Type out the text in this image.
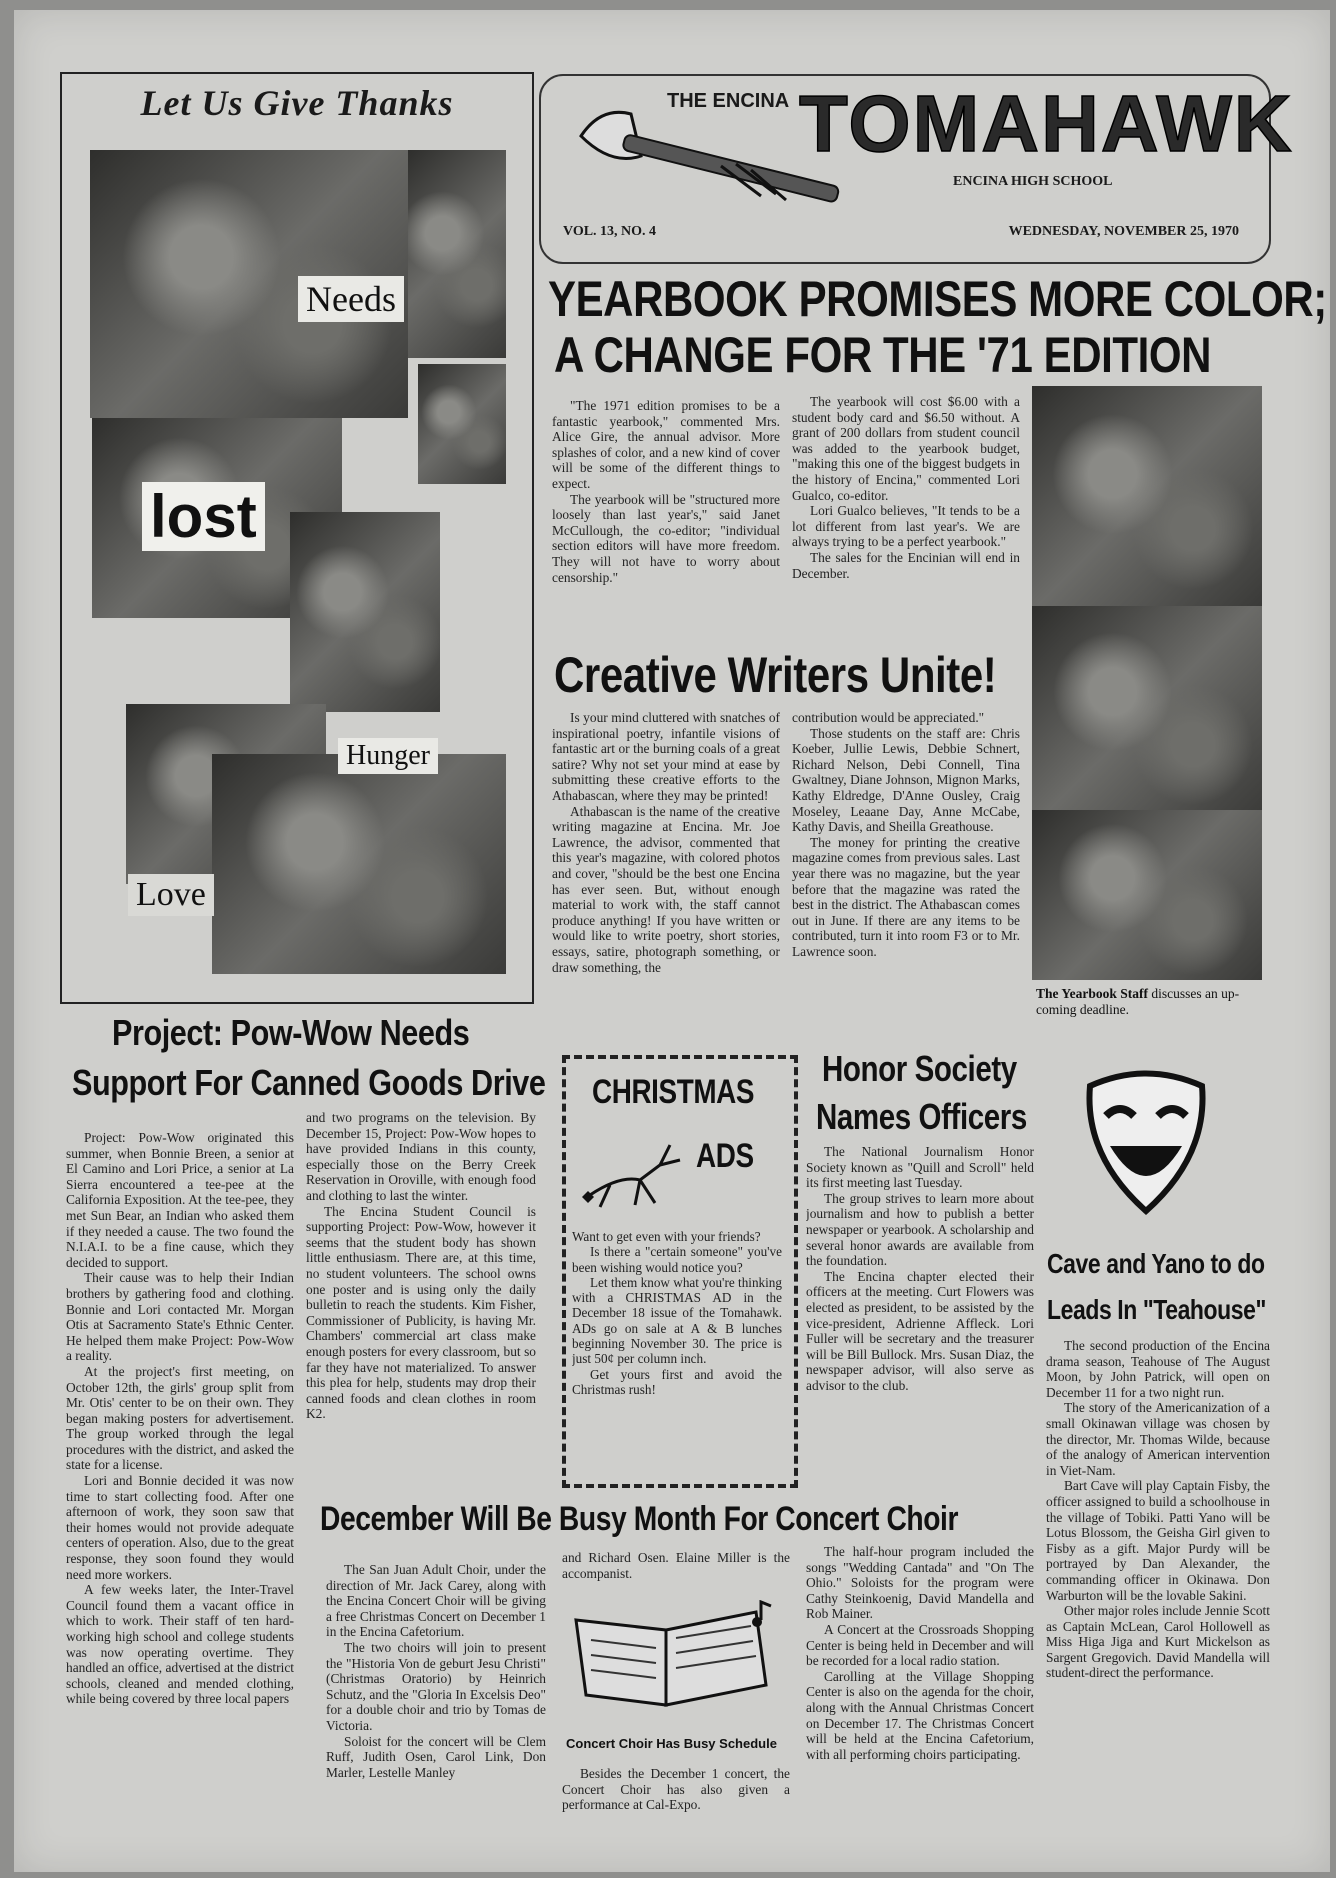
Let Us Give Thanks
Needs
lost
Hunger
Love
THE ENCINA TOMAHAWK
ENCINA HIGH SCHOOL
VOL. 13, NO. 4	WEDNESDAY, NOVEMBER 25, 1970
YEARBOOK PROMISES MORE COLOR;
A CHANGE FOR THE '71 EDITION

"The 1971 edition promises to be a fantastic yearbook," commented Mrs. Alice Gire, the annual advisor. More splashes of color, and a new kind of cover will be some of the different things to expect.

The yearbook will be "structured more loosely than last year's," said Janet McCullough, the co-editor; "individual section editors will have more freedom. They will not have to worry about censorship."

The yearbook will cost $6.00 with a student body card and $6.50 without. A grant of 200 dollars from student council was added to the yearbook budget, "making this one of the biggest budgets in the history of Encina," commented Lori Gualco, co-editor.

Lori Gualco believes, "It tends to be a lot different from last year's. We are always trying to be a perfect yearbook."

The sales for the Encinian will end in December.

The Yearbook Staff discusses an up-coming deadline.
Creative Writers Unite!

Is your mind cluttered with snatches of inspirational poetry, infantile visions of fantastic art or the burning coals of a great satire? Why not set your mind at ease by submitting these creative efforts to the Athabascan, where they may be printed!

Athabascan is the name of the creative writing magazine at Encina. Mr. Joe Lawrence, the advisor, commented that this year's magazine, with colored photos and cover, "should be the best one Encina has ever seen. But, without enough material to work with, the staff cannot produce anything! If you have written or would like to write poetry, short stories, essays, satire, photograph something, or draw something, the

contribution would be appreciated."

Those students on the staff are: Chris Koeber, Jullie Lewis, Debbie Schnert, Richard Nelson, Debi Connell, Tina Gwaltney, Diane Johnson, Mignon Marks, Kathy Eldredge, D'Anne Ousley, Craig Moseley, Leaane Day, Anne McCabe, Kathy Davis, and Sheilla Greathouse.

The money for printing the creative magazine comes from previous sales. Last year there was no magazine, but the year before that the magazine was rated the best in the district. The Athabascan comes out in June. If there are any items to be contributed, turn it into room F3 or to Mr. Lawrence soon.

Project: Pow-Wow Needs
Support For Canned Goods Drive

Project: Pow-Wow originated this summer, when Bonnie Breen, a senior at El Camino and Lori Price, a senior at La Sierra encountered a tee-pee at the California Exposition. At the tee-pee, they met Sun Bear, an Indian who asked them if they needed a cause. The two found the N.I.A.I. to be a fine cause, which they decided to support.

Their cause was to help their Indian brothers by gathering food and clothing. Bonnie and Lori contacted Mr. Morgan Otis at Sacramento State's Ethnic Center. He helped them make Project: Pow-Wow a reality.

At the project's first meeting, on October 12th, the girls' group split from Mr. Otis' center to be on their own. They began making posters for advertisement. The group worked through the legal procedures with the district, and asked the state for a license.

Lori and Bonnie decided it was now time to start collecting food. After one afternoon of work, they soon saw that their homes would not provide adequate centers of operation. Also, due to the great response, they soon found they would need more workers.

A few weeks later, the Inter-Travel Council found them a vacant office in which to work. Their staff of ten hard-working high school and college students was now operating overtime. They handled an office, advertised at the district schools, cleaned and mended clothing, while being covered by three local papers

and two programs on the television. By December 15, Project: Pow-Wow hopes to have provided Indians in this county, especially those on the Berry Creek Reservation in Oroville, with enough food and clothing to last the winter.

The Encina Student Council is supporting Project: Pow-Wow, however it seems that the student body has shown little enthusiasm. There are, at this time, no student volunteers. The school owns one poster and is using only the daily bulletin to reach the students. Kim Fisher, Commissioner of Publicity, is having Mr. Chambers' commercial art class make enough posters for every classroom, but so far they have not materialized. To answer this plea for help, students may drop their canned foods and clean clothes in room K2.

CHRISTMAS
ADS

Want to get even with your friends?

Is there a "certain someone" you've been wishing would notice you?

Let them know what you're thinking with a CHRISTMAS AD in the December 18 issue of the Tomahawk. ADs go on sale at A & B lunches beginning November 30. The price is just 50¢ per column inch.

Get yours first and avoid the Christmas rush!

Honor Society
Names Officers

The National Journalism Honor Society known as "Quill and Scroll" held its first meeting last Tuesday.

The group strives to learn more about journalism and how to publish a better newspaper or yearbook. A scholarship and several honor awards are available from the foundation.

The Encina chapter elected their officers at the meeting. Curt Flowers was elected as president, to be assisted by the vice-president, Adrienne Affleck. Lori Fuller will be secretary and the treasurer will be Bill Bullock. Mrs. Susan Diaz, the newspaper advisor, will also serve as advisor to the club.

Cave and Yano to do
Leads In "Teahouse"

The second production of the Encina drama season, Teahouse of The August Moon, by John Patrick, will open on December 11 for a two night run.

The story of the Americanization of a small Okinawan village was chosen by the director, Mr. Thomas Wilde, because of the analogy of American intervention in Viet-Nam.

Bart Cave will play Captain Fisby, the officer assigned to build a schoolhouse in the village of Tobiki. Patti Yano will be Lotus Blossom, the Geisha Girl given to Fisby as a gift. Major Purdy will be portrayed by Dan Alexander, the commanding officer in Okinawa. Don Warburton will be the lovable Sakini.

Other major roles include Jennie Scott as Captain McLean, Carol Hollowell as Miss Higa Jiga and Kurt Mickelson as Sargent Gregovich. David Mandella will student-direct the performance.

December Will Be Busy Month For Concert Choir

The San Juan Adult Choir, under the direction of Mr. Jack Carey, along with the Encina Concert Choir will be giving a free Christmas Concert on December 1 in the Encina Cafetorium.

The two choirs will join to present the "Historia Von de geburt Jesu Christi" (Christmas Oratorio) by Heinrich Schutz, and the "Gloria In Excelsis Deo" for a double choir and trio by Tomas de Victoria.

Soloist for the concert will be Clem Ruff, Judith Osen, Carol Link, Don Marler, Lestelle Manley

and Richard Osen. Elaine Miller is the accompanist.

Concert Choir Has Busy Schedule

Besides the December 1 concert, the Concert Choir has also given a performance at Cal-Expo.

The half-hour program included the songs "Wedding Cantada" and "On The Ohio." Soloists for the program were Cathy Steinkoenig, David Mandella and Rob Mainer.

A Concert at the Crossroads Shopping Center is being held in December and will be recorded for a local radio station.

Carolling at the Village Shopping Center is also on the agenda for the choir, along with the Annual Christmas Concert on December 17. The Christmas Concert will be held at the Encina Cafetorium, with all performing choirs participating.
